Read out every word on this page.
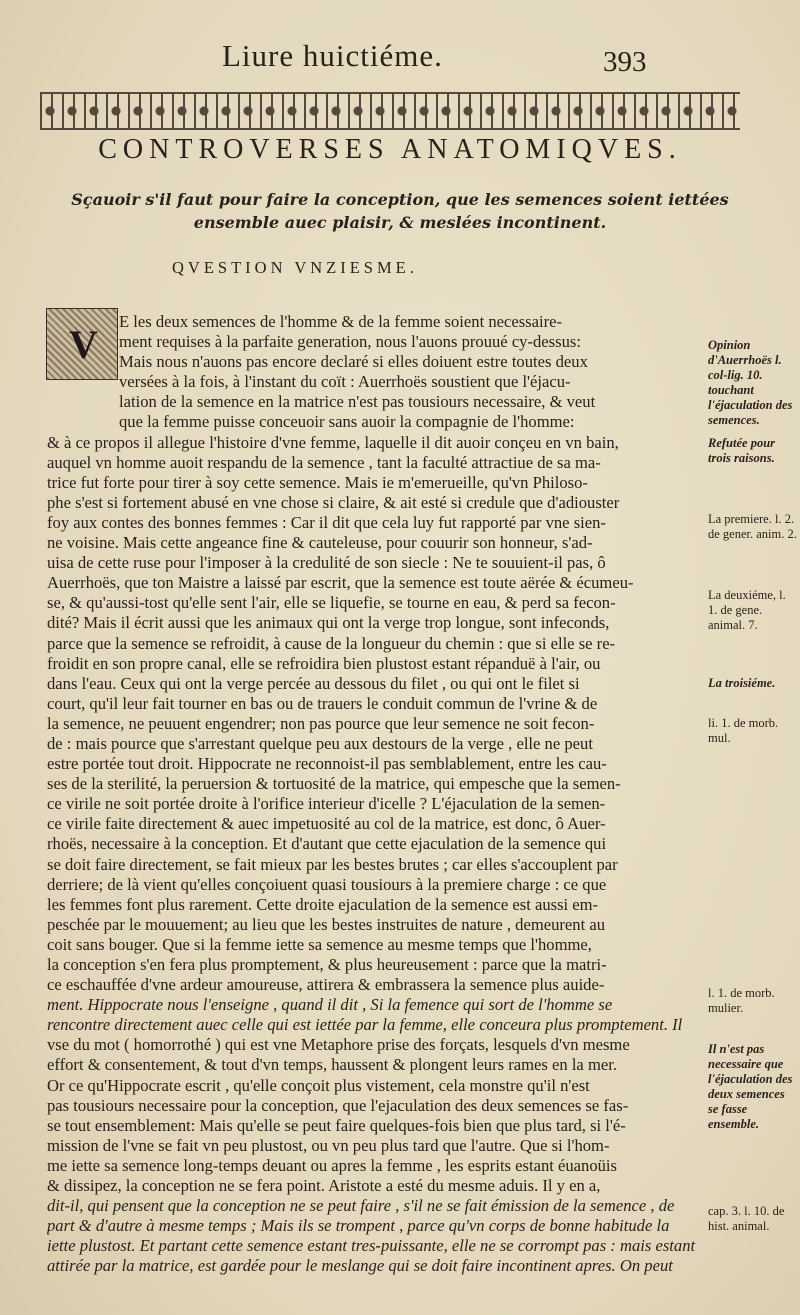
Liure huictiéme.	393
CONTROVERSES ANATOMIQVES.
Sçauoir s'il faut pour faire la conception, que les semences soient iettées ensemble auec plaisir, & meslées incontinent.
QVESTION VNZIESME.
V
E les deux semences de l'homme & de la femme soient necessaire-
ment requises à la parfaite generation, nous l'auons prouué cy-dessus:
Mais nous n'auons pas encore declaré si elles doiuent estre toutes deux
versées à la fois, à l'instant du coït : Auerrhoës soustient que l'éjacu-
lation de la semence en la matrice n'est pas tousiours necessaire, & veut
que la femme puisse conceuoir sans auoir la compagnie de l'homme:
& à ce propos il allegue l'histoire d'vne femme, laquelle il dit auoir conçeu en vn bain,
auquel vn homme auoit respandu de la semence , tant la faculté attractiue de sa ma-
trice fut forte pour tirer à soy cette semence. Mais ie m'emerueille, qu'vn Philoso-
phe s'est si fortement abusé en vne chose si claire, & ait esté si credule que d'adiouster
foy aux contes des bonnes femmes : Car il dit que cela luy fut rapporté par vne sien-
ne voisine. Mais cette angeance fine & cauteleuse, pour couurir son honneur, s'ad-
uisa de cette ruse pour l'imposer à la credulité de son siecle : Ne te souuient-il pas, ô
Auerrhoës, que ton Maistre a laissé par escrit, que la semence est toute aërée & écumeu-
se, & qu'aussi-tost qu'elle sent l'air, elle se liquefie, se tourne en eau, & perd sa fecon-
dité? Mais il écrit aussi que les animaux qui ont la verge trop longue, sont infeconds,
parce que la semence se refroidit, à cause de la longueur du chemin : que si elle se re-
froidit en son propre canal, elle se refroidira bien plustost estant répanduë à l'air, ou
dans l'eau. Ceux qui ont la verge percée au dessous du filet , ou qui ont le filet si
court, qu'il leur fait tourner en bas ou de trauers le conduit commun de l'vrine & de
la semence, ne peuuent engendrer; non pas pource que leur semence ne soit fecon-
de : mais pource que s'arrestant quelque peu aux destours de la verge , elle ne peut
estre portée tout droit. Hippocrate ne reconnoist-il pas semblablement, entre les cau-
ses de la sterilité, la peruersion & tortuosité de la matrice, qui empesche que la semen-
ce virile ne soit portée droite à l'orifice interieur d'icelle ? L'éjaculation de la semen-
ce virile faite directement & auec impetuosité au col de la matrice, est donc, ô Auer-
rhoës, necessaire à la conception. Et d'autant que cette ejaculation de la semence qui
se doit faire directement, se fait mieux par les bestes brutes ; car elles s'accouplent par
derriere; de là vient qu'elles conçoiuent quasi tousiours à la premiere charge : ce que
les femmes font plus rarement. Cette droite ejaculation de la semence est aussi em-
peschée par le mouuement; au lieu que les bestes instruites de nature , demeurent au
coit sans bouger. Que si la femme iette sa semence au mesme temps que l'homme,
la conception s'en fera plus promptement, & plus heureusement : parce que la matri-
ce eschauffée d'vne ardeur amoureuse, attirera & embrassera la semence plus auide-
ment. Hippocrate nous l'enseigne , quand il dit , Si la femence qui sort de l'homme se
rencontre directement auec celle qui est iettée par la femme, elle conceura plus promptement. Il
vse du mot ( homorrothé ) qui est vne Metaphore prise des forçats, lesquels d'vn mesme
effort & consentement, & tout d'vn temps, haussent & plongent leurs rames en la mer.
Or ce qu'Hippocrate escrit , qu'elle conçoit plus vistement, cela monstre qu'il n'est
pas tousiours necessaire pour la conception, que l'ejaculation des deux semences se fas-
se tout ensemblement: Mais qu'elle se peut faire quelques-fois bien que plus tard, si l'é-
mission de l'vne se fait vn peu plustost, ou vn peu plus tard que l'autre. Que si l'hom-
me iette sa semence long-temps deuant ou apres la femme , les esprits estant éuanoüis
& dissipez, la conception ne se fera point. Aristote a esté du mesme aduis. Il y en a,
dit-il, qui pensent que la conception ne se peut faire , s'il ne se fait émission de la semence , de
part & d'autre à mesme temps ; Mais ils se trompent , parce qu'vn corps de bonne habitude la
iette plustost. Et partant cette semence estant tres-puissante, elle ne se corrompt pas : mais estant
attirée par la matrice, est gardée pour le meslange qui se doit faire incontinent apres. On peut
Opinion d'Auerrhoës l. col-lig. 10. touchant l'éjaculation des semences.
Refutée pour trois raisons.
La premiere. l. 2. de gener. anim. 2.
La deuxiéme, l. 1. de gene. animal. 7.
La troisiéme.
li. 1. de morb. mul.
l. 1. de morb. mulier.
Il n'est pas necessaire que l'éjaculation des deux semences se fasse ensemble.
cap. 3. l. 10. de hist. animal.
